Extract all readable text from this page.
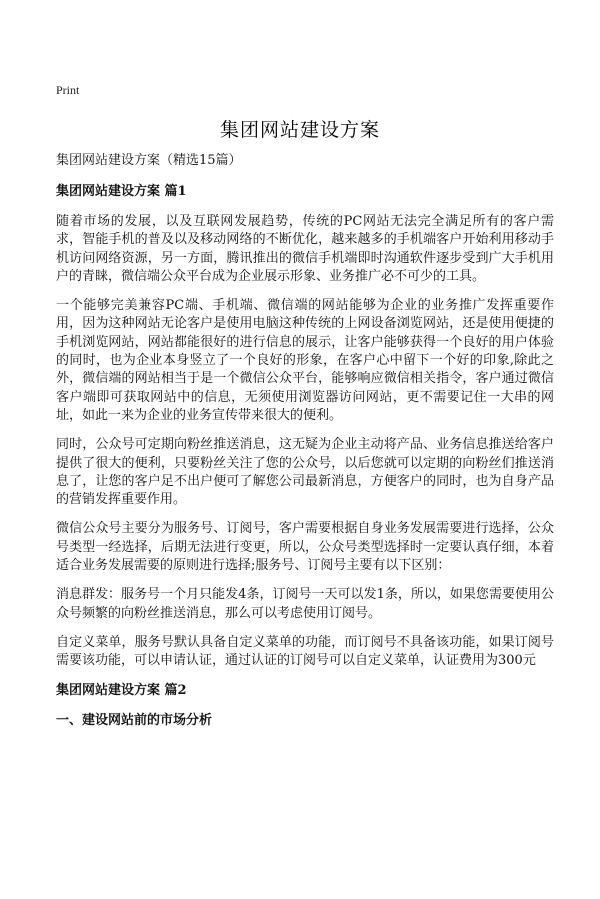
Print
集团网站建设方案

集团网站建设方案（精选15篇）

集团网站建设方案 篇1

随着市场的发展，以及互联网发展趋势，传统的PC网站无法完全满足所有的客户需求，智能手机的普及以及移动网络的不断优化，越来越多的手机端客户开始利用移动手机访问网络资源，另一方面，腾讯推出的微信手机端即时沟通软件逐步受到广大手机用户的青睐，微信端公众平台成为企业展示形象、业务推广必不可少的工具。

一个能够完美兼容PC端、手机端、微信端的网站能够为企业的业务推广发挥重要作用，因为这种网站无论客户是使用电脑这种传统的上网设备浏览网站，还是使用便捷的手机浏览网站，网站都能很好的进行信息的展示，让客户能够获得一个良好的用户体验的同时，也为企业本身竖立了一个良好的形象，在客户心中留下一个好的印象,除此之外，微信端的网站相当于是一个微信公众平台，能够响应微信相关指令，客户通过微信客户端即可获取网站中的信息，无须使用浏览器访问网站，更不需要记住一大串的网址，如此一来为企业的业务宣传带来很大的便利。

同时，公众号可定期向粉丝推送消息，这无疑为企业主动将产品、业务信息推送给客户提供了很大的便利，只要粉丝关注了您的公众号，以后您就可以定期的向粉丝们推送消息了，让您的客户足不出户便可了解您公司最新消息，方便客户的同时，也为自身产品的营销发挥重要作用。

微信公众号主要分为服务号、订阅号，客户需要根据自身业务发展需要进行选择，公众号类型一经选择，后期无法进行变更，所以，公众号类型选择时一定要认真仔细，本着适合业务发展需要的原则进行选择;服务号、订阅号主要有以下区别：

消息群发：服务号一个月只能发4条，订阅号一天可以发1条，所以，如果您需要使用公众号频繁的向粉丝推送消息，那么可以考虑使用订阅号。

自定义菜单，服务号默认具备自定义菜单的功能，而订阅号不具备该功能，如果订阅号需要该功能，可以申请认证，通过认证的订阅号可以自定义菜单，认证费用为300元

集团网站建设方案 篇2

一、建设网站前的市场分析
